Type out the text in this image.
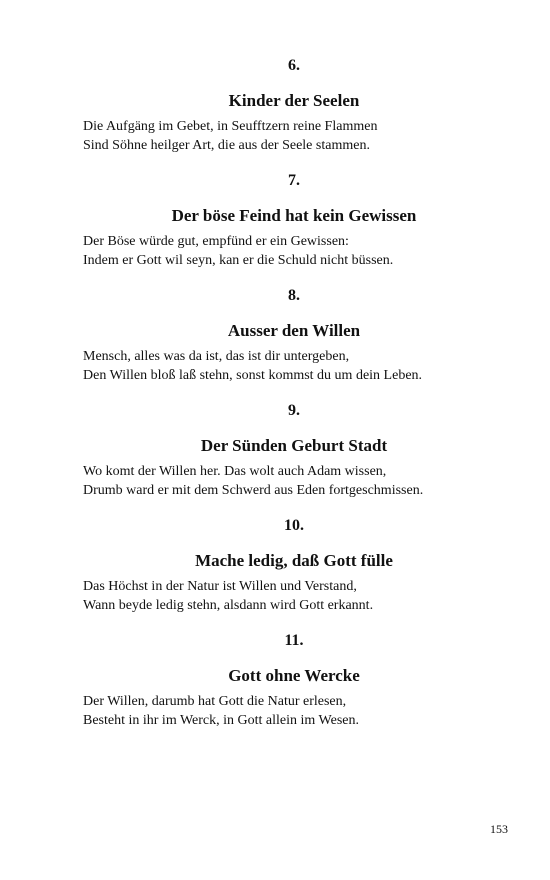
6.
Kinder der Seelen

Die Aufgäng im Gebet, in Seufftzern reine Flammen

Sind Söhne heilger Art, die aus der Seele stammen.

7.
Der böse Feind hat kein Gewissen

Der Böse würde gut, empfünd er ein Gewissen:

Indem er Gott wil seyn, kan er die Schuld nicht büssen.

8.
Ausser den Willen

Mensch, alles was da ist, das ist dir untergeben,

Den Willen bloß laß stehn, sonst kommst du um dein Leben.

9.
Der Sünden Geburt Stadt

Wo komt der Willen her. Das wolt auch Adam wissen,

Drumb ward er mit dem Schwerd aus Eden fortgeschmissen.

10.
Mache ledig, daß Gott fülle

Das Höchst in der Natur ist Willen und Verstand,

Wann beyde ledig stehn, alsdann wird Gott erkannt.

11.
Gott ohne Wercke

Der Willen, darumb hat Gott die Natur erlesen,

Besteht in ihr im Werck, in Gott allein im Wesen.

153
